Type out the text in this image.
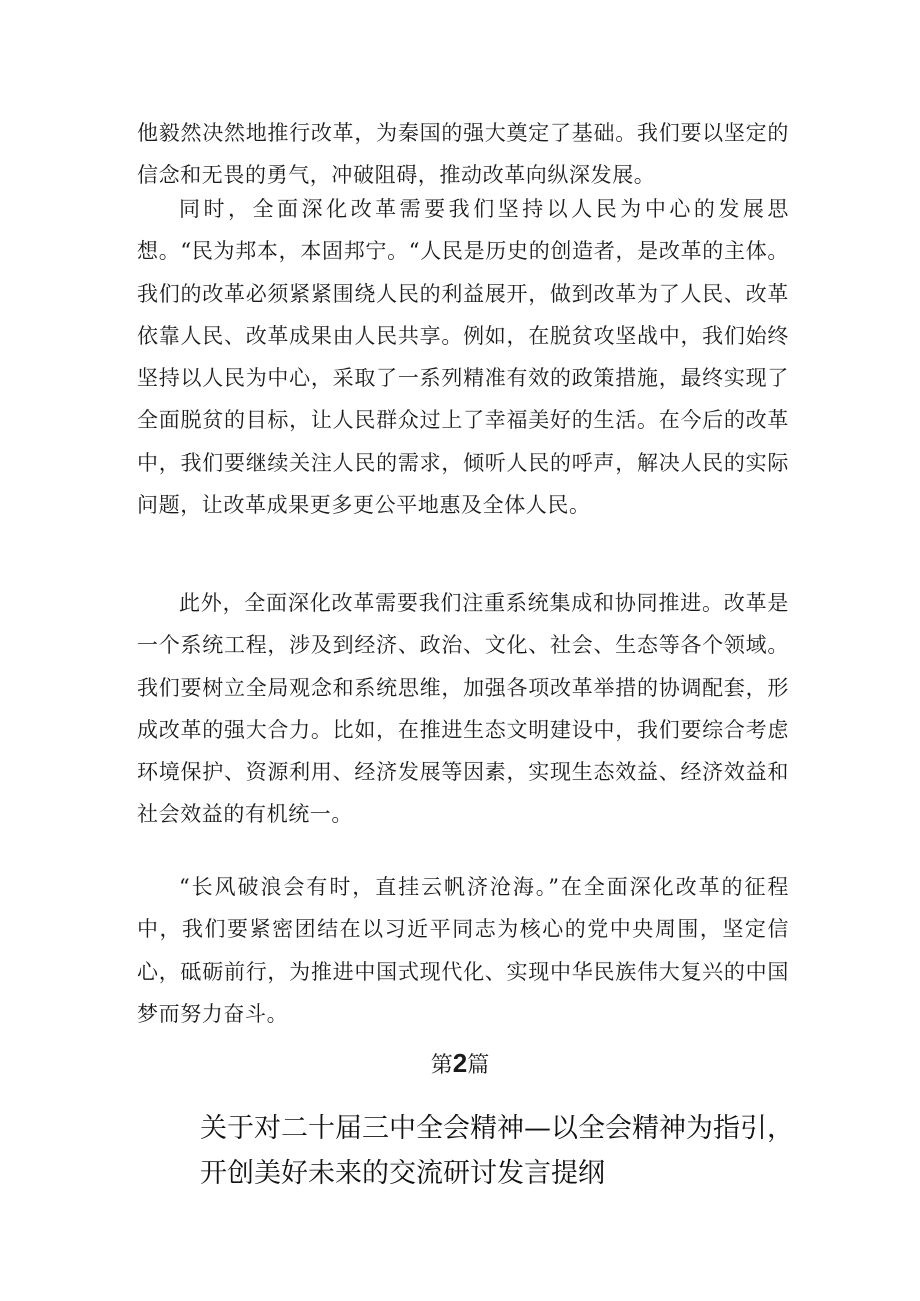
他毅然决然地推行改革，为秦国的强大奠定了基础。我们要以坚定的信念和无畏的勇气，冲破阻碍，推动改革向纵深发展。

同时，全面深化改革需要我们坚持以人民为中心的发展思想。“民为邦本，本固邦宁。“人民是历史的创造者，是改革的主体。我们的改革必须紧紧围绕人民的利益展开，做到改革为了人民、改革依靠人民、改革成果由人民共享。例如，在脱贫攻坚战中，我们始终坚持以人民为中心，采取了一系列精准有效的政策措施，最终实现了全面脱贫的目标，让人民群众过上了幸福美好的生活。在今后的改革中，我们要继续关注人民的需求，倾听人民的呼声，解决人民的实际问题，让改革成果更多更公平地惠及全体人民。

此外，全面深化改革需要我们注重系统集成和协同推进。改革是一个系统工程，涉及到经济、政治、文化、社会、生态等各个领域。我们要树立全局观念和系统思维，加强各项改革举措的协调配套，形成改革的强大合力。比如，在推进生态文明建设中，我们要综合考虑环境保护、资源利用、经济发展等因素，实现生态效益、经济效益和社会效益的有机统一。

“长风破浪会有时，直挂云帆济沧海。”在全面深化改革的征程中，我们要紧密团结在以习近平同志为核心的党中央周围，坚定信心，砥砺前行，为推进中国式现代化、实现中华民族伟大复兴的中国梦而努力奋斗。

第2篇
关于对二十届三中全会精神—以全会精神为指引，
开创美好未来的交流研讨发言提纲
